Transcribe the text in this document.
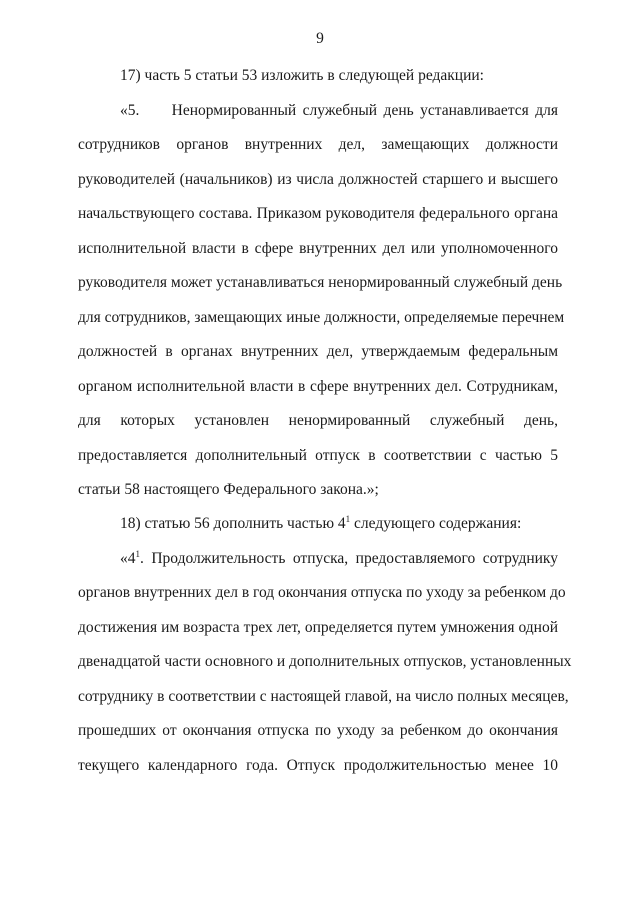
9
17) часть 5 статьи 53 изложить в следующей редакции:
«5.     Ненормированный служебный день устанавливается для
сотрудников органов внутренних дел, замещающих должности
руководителей (начальников) из числа должностей старшего и высшего
начальствующего состава. Приказом руководителя федерального органа
исполнительной власти в сфере внутренних дел или уполномоченного
руководителя может устанавливаться ненормированный служебный день
для сотрудников, замещающих иные должности, определяемые перечнем
должностей в органах внутренних дел, утверждаемым федеральным
органом исполнительной власти в сфере внутренних дел. Сотрудникам,
для которых установлен ненормированный служебный день,
предоставляется дополнительный отпуск в соответствии с частью 5
статьи 58 настоящего Федерального закона.»;
18) статью 56 дополнить частью $4^1$ следующего содержания:
«$4^1$. Продолжительность отпуска, предоставляемого сотруднику
органов внутренних дел в год окончания отпуска по уходу за ребенком до
достижения им возраста трех лет, определяется путем умножения одной
двенадцатой части основного и дополнительных отпусков, установленных
сотруднику в соответствии с настоящей главой, на число полных месяцев,
прошедших от окончания отпуска по уходу за ребенком до окончания
текущего календарного года. Отпуск продолжительностью менее 10
